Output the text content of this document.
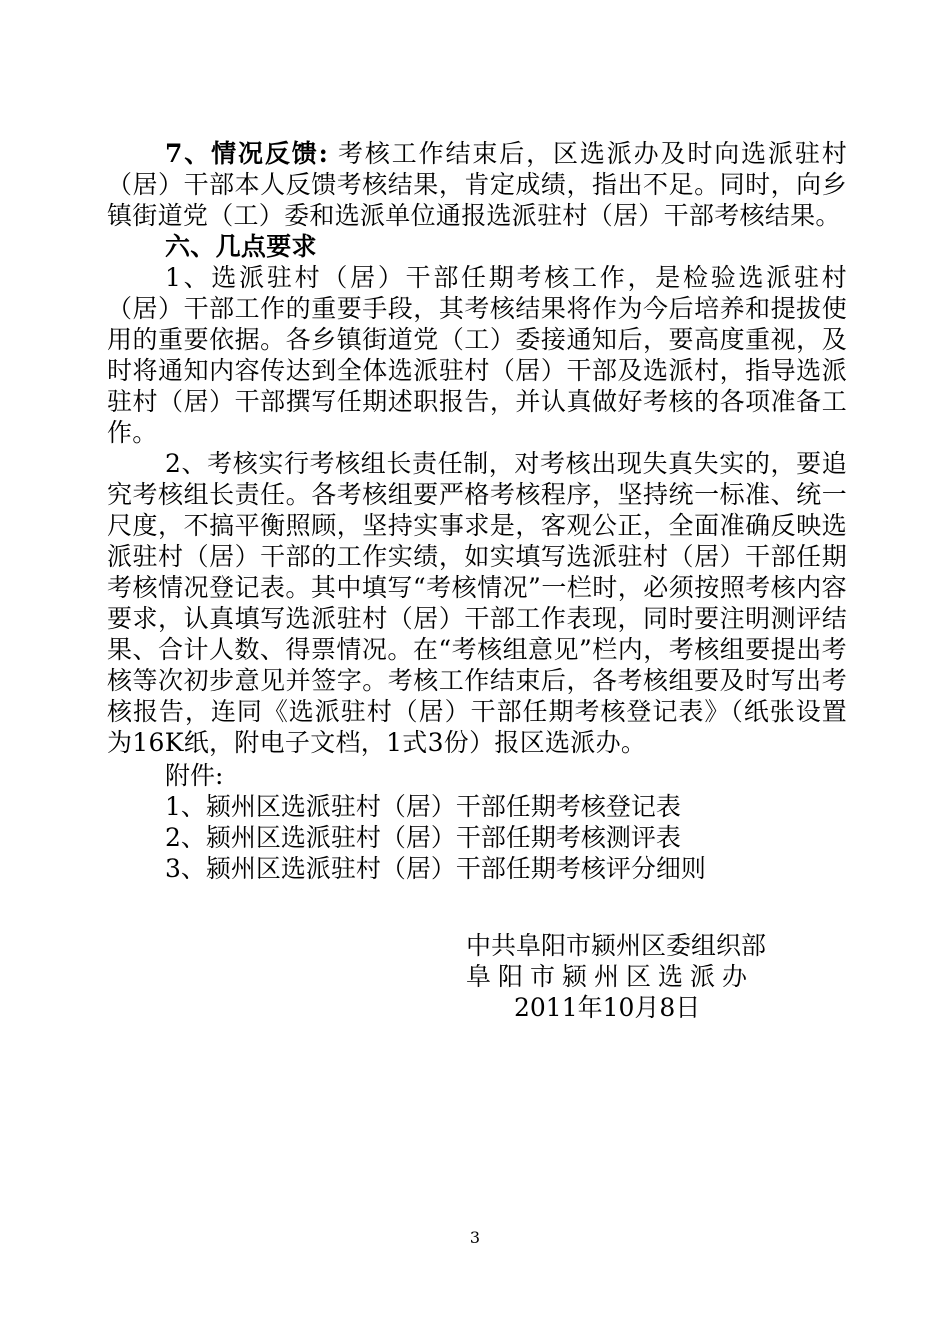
7、情况反馈: 考核工作结束后，区选派办及时向选派驻村（居）干部本人反馈考核结果，肯定成绩，指出不足。同时，向乡镇街道党（工）委和选派单位通报选派驻村（居）干部考核结果。

六、几点要求

1、选派驻村（居）干部任期考核工作，是检验选派驻村（居）干部工作的重要手段，其考核结果将作为今后培养和提拔使用的重要依据。各乡镇街道党（工）委接通知后，要高度重视，及时将通知内容传达到全体选派驻村（居）干部及选派村，指导选派驻村（居）干部撰写任期述职报告，并认真做好考核的各项准备工作。

2、考核实行考核组长责任制，对考核出现失真失实的，要追究考核组长责任。各考核组要严格考核程序，坚持统一标准、统一尺度，不搞平衡照顾，坚持实事求是，客观公正，全面准确反映选派驻村（居）干部的工作实绩，如实填写选派驻村（居）干部任期考核情况登记表。其中填写“考核情况”一栏时，必须按照考核内容要求，认真填写选派驻村（居）干部工作表现，同时要注明测评结果、合计人数、得票情况。在“考核组意见”栏内，考核组要提出考核等次初步意见并签字。考核工作结束后，各考核组要及时写出考核报告，连同《选派驻村（居）干部任期考核登记表》（纸张设置为16K纸，附电子文档，1式3份）报区选派办。

附件:
1、颍州区选派驻村（居）干部任期考核登记表
2、颍州区选派驻村（居）干部任期考核测评表
3、颍州区选派驻村（居）干部任期考核评分细则
中共阜阳市颍州区委组织部
阜阳市颍州区选派办
2011年10月8日
3
